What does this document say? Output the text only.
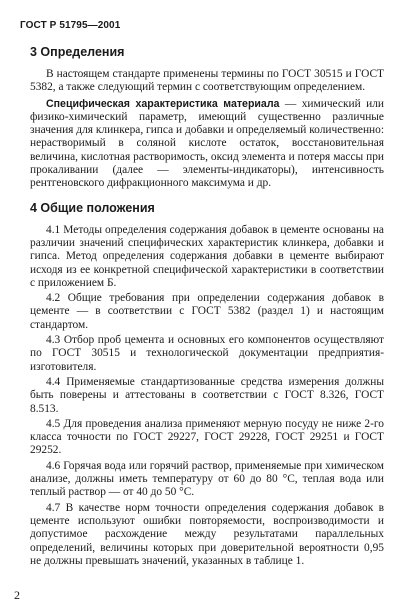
ГОСТ Р 51795—2001
3 Определения

В настоящем стандарте применены термины по ГОСТ 30515 и ГОСТ 5382, а также следующий термин с соответствующим определением.

Специфическая характеристика материала — химический или физико-химический параметр, имеющий существенно различные значения для клинкера, гипса и добавки и определяемый количественно: нерастворимый в соляной кислоте остаток, восстановительная величина, кислотная растворимость, оксид элемента и потеря массы при прокаливании (далее — элементы-индикаторы), интенсивность рентгеновского дифракционного максимума и др.

4 Общие положения

4.1 Методы определения содержания добавок в цементе основаны на различии значений специфических характеристик клинкера, добавки и гипса. Метод определения содержания добавки в цементе выбирают исходя из ее конкретной специфической характеристики в соответствии с приложением Б.

4.2 Общие требования при определении содержания добавок в цементе — в соответствии с ГОСТ 5382 (раздел 1) и настоящим стандартом.

4.3 Отбор проб цемента и основных его компонентов осуществляют по ГОСТ 30515 и технологической документации предприятия-изготовителя.

4.4 Применяемые стандартизованные средства измерения должны быть поверены и аттестованы в соответствии с ГОСТ 8.326, ГОСТ 8.513.

4.5 Для проведения анализа применяют мерную посуду не ниже 2-го класса точности по ГОСТ 29227, ГОСТ 29228, ГОСТ 29251 и ГОСТ 29252.

4.6 Горячая вода или горячий раствор, применяемые при химическом анализе, должны иметь температуру от 60 до 80 °С, теплая вода или теплый раствор — от 40 до 50 °С.

4.7 В качестве норм точности определения содержания добавок в цементе используют ошибки повторяемости, воспроизводимости и допустимое расхождение между результатами параллельных определений, величины которых при доверительной вероятности 0,95 не должны превышать значений, указанных в таблице 1.

2
